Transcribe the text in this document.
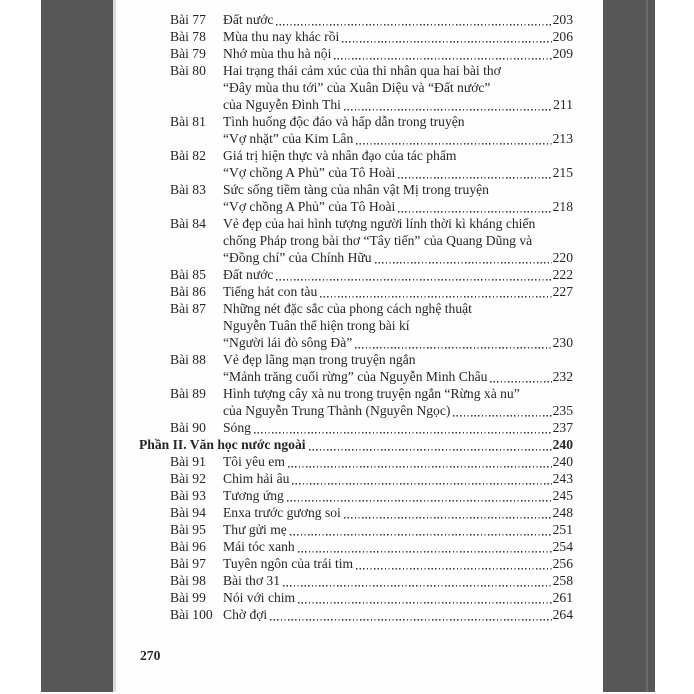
Bài 77	Đất nước	203
Bài 78	Mùa thu nay khác rồi	206
Bài 79	Nhớ mùa thu hà nội	209
Bài 80	Hai trạng thái cảm xúc của thi nhân qua hai bài thơ
“Đây mùa thu tới” của Xuân Diệu và “Đất nước”
của Nguyễn Đình Thi	211
Bài 81	Tình huống độc đáo và hấp dẫn trong truyện
“Vợ nhặt” của Kim Lân	213
Bài 82	Giá trị hiện thực và nhân đạo của tác phẩm
“Vợ chồng A Phủ” của Tô Hoài	215
Bài 83	Sức sống tiềm tàng của nhân vật Mị trong truyện
“Vợ chồng A Phủ” của Tô Hoài	218
Bài 84	Vẻ đẹp của hai hình tượng người lính thời kì kháng chiến
chống Pháp trong bài thơ “Tây tiến” của Quang Dũng và
“Đồng chí” của Chính Hữu	220
Bài 85	Đất nước	222
Bài 86	Tiếng hát con tàu	227
Bài 87	Những nét đặc sắc của phong cách nghệ thuật
Nguyễn Tuân thể hiện trong bài kí
“Người lái đò sông Đà”	230
Bài 88	Vẻ đẹp lãng mạn trong truyện ngắn
“Mảnh trăng cuối rừng” của Nguyễn Minh Châu	232
Bài 89	Hình tượng cây xà nu trong truyện ngắn “Rừng xà nu”
của Nguyễn Trung Thành (Nguyên Ngọc)	235
Bài 90	Sóng	237
Phần II. Văn học nước ngoài	240
Bài 91	Tôi yêu em	240
Bài 92	Chim hải âu	243
Bài 93	Tương ứng	245
Bài 94	Enxa trước gương soi	248
Bài 95	Thư gửi mẹ	251
Bài 96	Mái tóc xanh	254
Bài 97	Tuyên ngôn của trái tim	256
Bài 98	Bài thơ 31	258
Bài 99	Nói với chim	261
Bài 100 Chờ đợi	264
270
